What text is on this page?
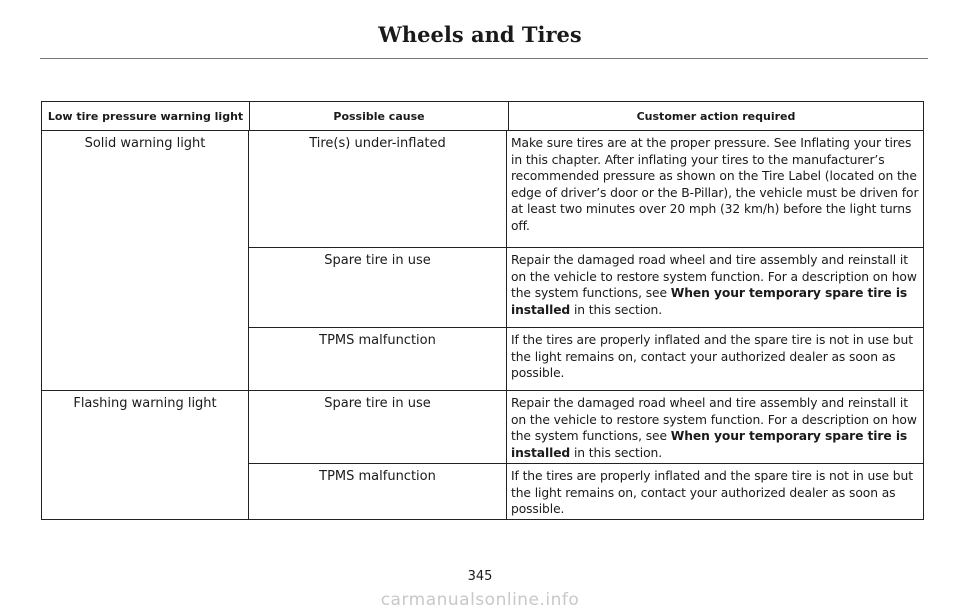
Wheels and Tires
Low tire pressure warning light	Possible cause	Customer action required
Solid warning light	Tire(s) under-inflated	Make sure tires are at the proper pressure. See Inflating your tires in this chapter. After inflating your tires to the manufacturer’s recommended pressure as shown on the Tire Label (located on the edge of driver’s door or the B-Pillar), the vehicle must be driven for at least two minutes over 20 mph (32 km/h) before the light turns off.
Spare tire in use	Repair the damaged road wheel and tire assembly and reinstall it on the vehicle to restore system function. For a description on how the system functions, see When your temporary spare tire is installed in this section.
TPMS malfunction	If the tires are properly inflated and the spare tire is not in use but the light remains on, contact your authorized dealer as soon as possible.
Flashing warning light	Spare tire in use	Repair the damaged road wheel and tire assembly and reinstall it on the vehicle to restore system function. For a description on how the system functions, see When your temporary spare tire is installed in this section.
TPMS malfunction	If the tires are properly inflated and the spare tire is not in use but the light remains on, contact your authorized dealer as soon as possible.
345
carmanualsonline.info
